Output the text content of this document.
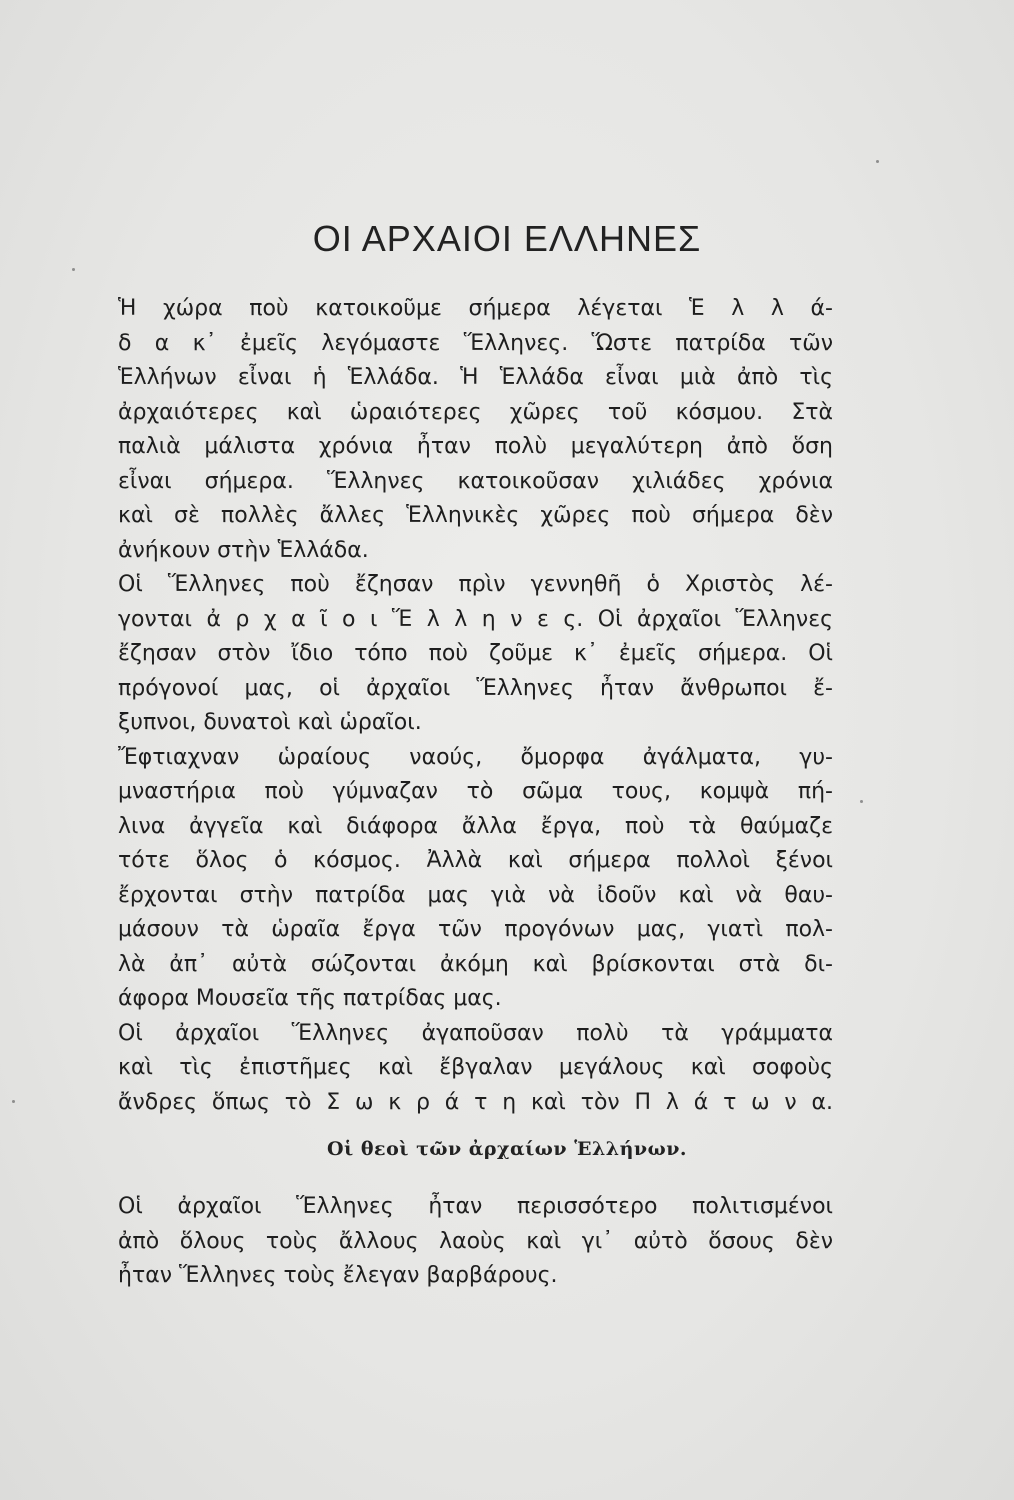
ΟΙ ΑΡΧΑΙΟΙ ΕΛΛΗΝΕΣ
Ἡ χώρα ποὺ κατοικοῦμε σήμερα λέγεται Ἑ λ λ ά-
δ α κ᾿ ἐμεῖς λεγόμαστε Ἕλληνες. Ὥστε πατρίδα τῶν
Ἑλλήνων εἶναι ἡ Ἑλλάδα. Ἡ Ἑλλάδα εἶναι μιὰ ἀπὸ τὶς
ἀρχαιότερες καὶ ὡραιότερες χῶρες τοῦ κόσμου. Στὰ
παλιὰ μάλιστα χρόνια ἦταν πολὺ μεγαλύτερη ἀπὸ ὅση
εἶναι σήμερα. Ἕλληνες κατοικοῦσαν χιλιάδες χρόνια
καὶ σὲ πολλὲς ἄλλες Ἑλληνικὲς χῶρες ποὺ σήμερα δὲν
ἀνήκουν στὴν Ἑλλάδα.
Οἱ Ἕλληνες ποὺ ἔζησαν πρὶν γεννηθῆ ὁ Χριστὸς λέ-
γονται ἀ ρ χ α ῖ ο ι Ἕ λ λ η ν ε ς. Οἱ ἀρχαῖοι Ἕλληνες
ἔζησαν στὸν ἴδιο τόπο ποὺ ζοῦμε κ᾿ ἐμεῖς σήμερα. Οἱ
πρόγονοί μας, οἱ ἀρχαῖοι Ἕλληνες ἦταν ἄνθρωποι ἔ-
ξυπνοι, δυνατοὶ καὶ ὡραῖοι.
Ἔφτιαχναν ὡραίους ναούς, ὄμορφα ἀγάλματα, γυ-
μναστήρια ποὺ γύμναζαν τὸ σῶμα τους, κομψὰ πή-
λινα ἀγγεῖα καὶ διάφορα ἄλλα ἔργα, ποὺ τὰ θαύμαζε
τότε ὅλος ὁ κόσμος. Ἀλλὰ καὶ σήμερα πολλοὶ ξένοι
ἔρχονται στὴν πατρίδα μας γιὰ νὰ ἰδοῦν καὶ νὰ θαυ-
μάσουν τὰ ὡραῖα ἔργα τῶν προγόνων μας, γιατὶ πολ-
λὰ ἀπ᾿ αὐτὰ σώζονται ἀκόμη καὶ βρίσκονται στὰ δι-
άφορα Μουσεῖα τῆς πατρίδας μας.
Οἱ ἀρχαῖοι Ἕλληνες ἀγαποῦσαν πολὺ τὰ γράμματα
καὶ τὶς ἐπιστῆμες καὶ ἔβγαλαν μεγάλους καὶ σοφοὺς
ἄνδρες ὅπως τὸ Σ ω κ ρ ά τ η καὶ τὸν Π λ ά τ ω ν α.
Οἱ θεοὶ τῶν ἀρχαίων Ἑλλήνων.
Οἱ ἀρχαῖοι Ἕλληνες ἦταν περισσότερο πολιτισμένοι
ἀπὸ ὅλους τοὺς ἄλλους λαοὺς καὶ γι᾿ αὐτὸ ὅσους δὲν
ἦταν Ἕλληνες τοὺς ἔλεγαν βαρβάρους.
